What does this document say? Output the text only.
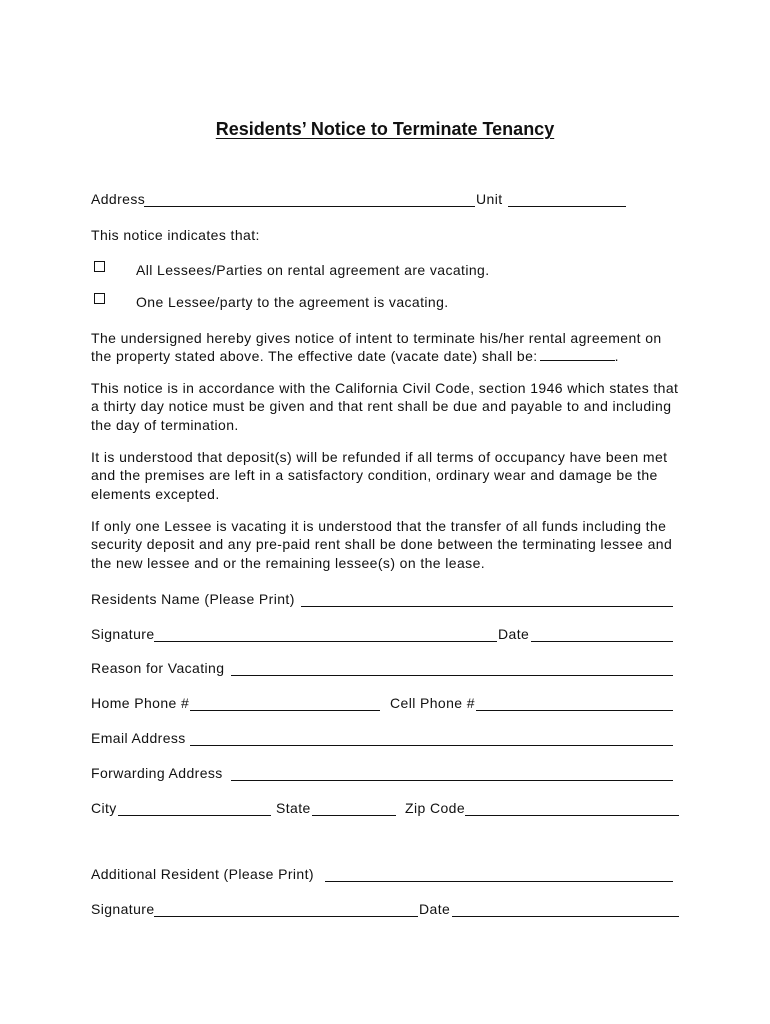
Residents’ Notice to Terminate Tenancy
Address	Unit
This notice indicates that:
All Lessees/Parties on rental agreement are vacating.
One Lessee/party to the agreement is vacating.
The undersigned hereby gives notice of intent to terminate his/her rental agreement on the property stated above. The effective date (vacate date) shall be:	.
This notice is in accordance with the California Civil Code, section 1946 which states that a thirty day notice must be given and that rent shall be due and payable to and including the day of termination.
It is understood that deposit(s) will be refunded if all terms of occupancy have been met and the premises are left in a satisfactory condition, ordinary wear and damage be the elements excepted.
If only one Lessee is vacating it is understood that the transfer of all funds including the security deposit and any pre-paid rent shall be done between the terminating lessee and the new lessee and or the remaining lessee(s) on the lease.
Residents Name (Please Print)
Signature	Date
Reason for Vacating
Home Phone #	Cell Phone #
Email Address
Forwarding Address
City	State	Zip Code
Additional Resident (Please Print)
Signature	Date
